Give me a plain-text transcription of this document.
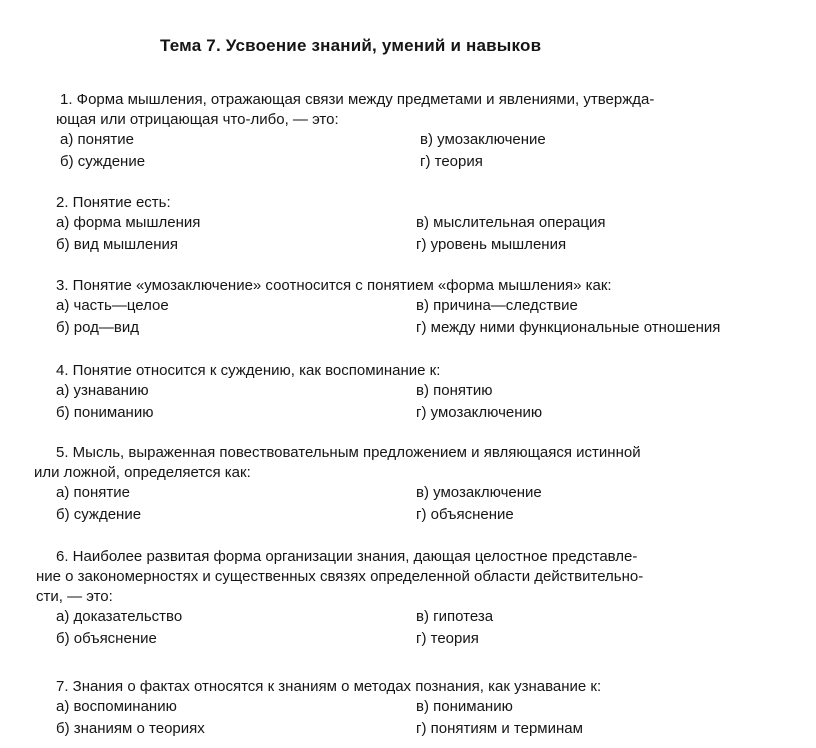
Тема 7. Усвоение знаний, умений и навыков
1. Форма мышления, отражающая связи между предметами и явлениями, утвержда-
ющая или отрицающая что-либо, — это:
а) понятие
б) суждение
в) умозаключение
г) теория
2. Понятие есть:
а) форма мышления
б) вид мышления
в) мыслительная операция
г) уровень мышления
3. Понятие «умозаключение» соотносится с понятием «форма мышления» как:
а) часть—целое
б) род—вид
в) причина—следствие
г) между ними функциональные отношения
4. Понятие относится к суждению, как воспоминание к:
а) узнаванию
б) пониманию
в) понятию
г) умозаключению
5. Мысль, выраженная повествовательным предложением и являющаяся истинной
или ложной, определяется как:
а) понятие
б) суждение
в) умозаключение
г) объяснение
6. Наиболее развитая форма организации знания, дающая целостное представле-
ние о закономерностях и существенных связях определенной области действительно-
сти, — это:
а) доказательство
б) объяснение
в) гипотеза
г) теория
7. Знания о фактах относятся к знаниям о методах познания, как узнавание к:
а) воспоминанию
б) знаниям о теориях
в) пониманию
г) понятиям и терминам
